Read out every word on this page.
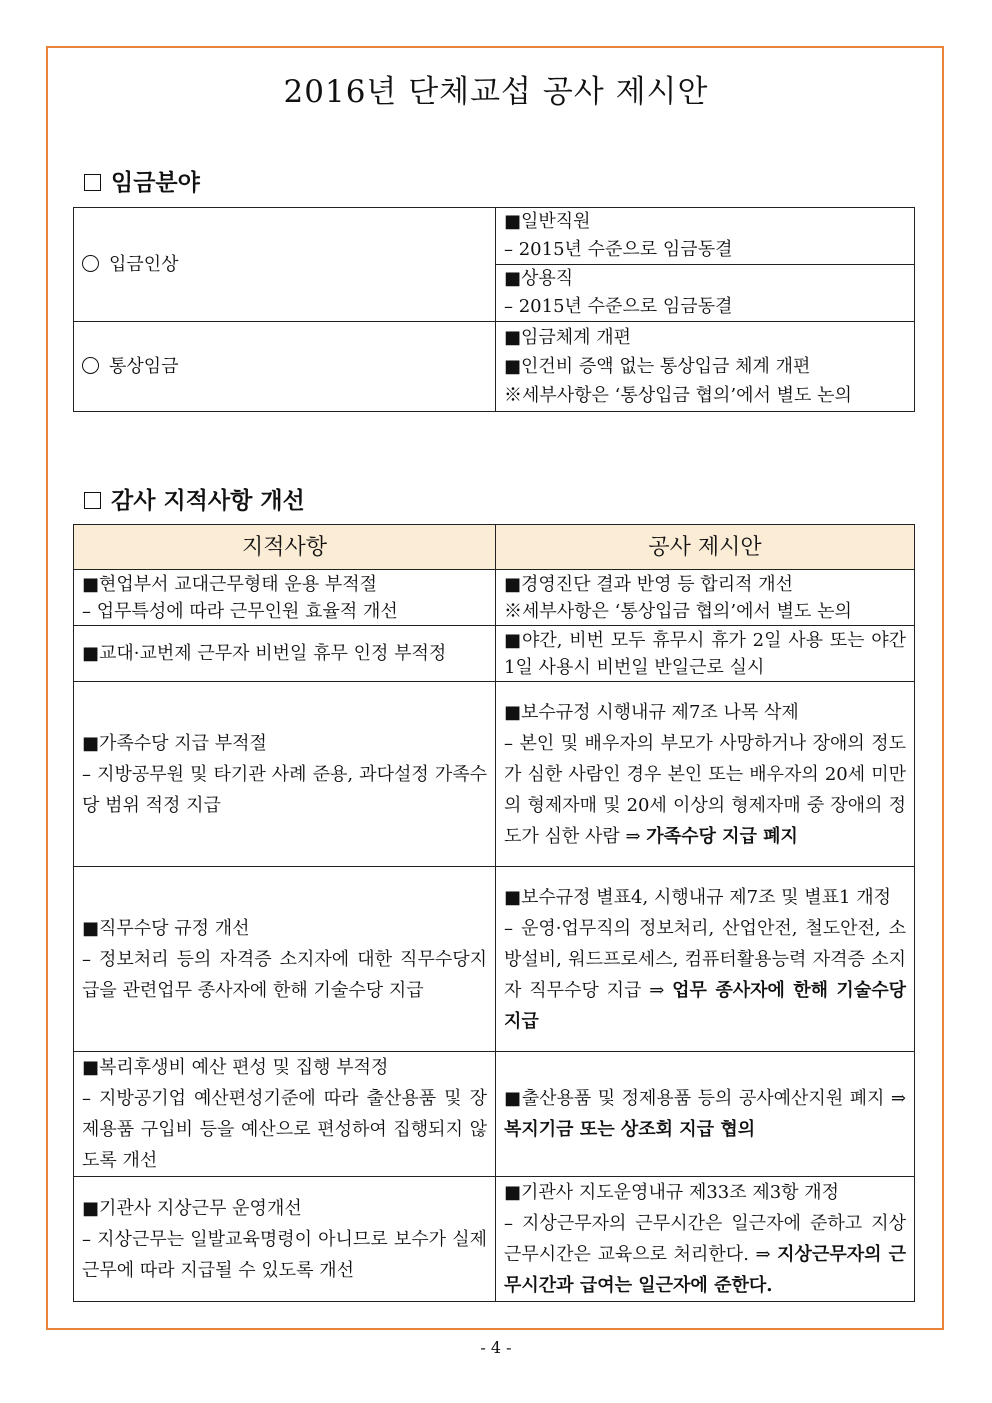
2016년 단체교섭 공사 제시안
임금분야
입금인상	■일반직원
– 2015년 수준으로 임금동결

	■상용직
– 2015년 수준으로 임금동결

통상임금	■임금체계 개편
■인건비 증액 없는 통상입금 체계 개편
※세부사항은 ‘통상입금 협의’에서 별도 논의
감사 지적사항 개선
지적사항	공사 제시안

■현업부서 교대근무형태 운용 부적절
– 업무특성에 따라 근무인원 효율적 개선	■경영진단 결과 반영 등 합리적 개선
※세부사항은 ‘통상입금 협의’에서 별도 논의

■교대·교번제 근무자 비번일 휴무 인정 부적정	■야간, 비번 모두 휴무시 휴가 2일 사용 또는 야간 1일 사용시 비번일 반일근로 실시

■가족수당 지급 부적절
– 지방공무원 및 타기관 사례 준용, 과다설정 가족수당 범위 적정 지급	■보수규정 시행내규 제7조 나목 삭제
– 본인 및 배우자의 부모가 사망하거나 장애의 정도가 심한 사람인 경우 본인 또는 배우자의 20세 미만의 형제자매 및 20세 이상의 형제자매 중 장애의 정도가 심한 사람 ⇒ 가족수당 지급 폐지

■직무수당 규정 개선
– 정보처리 등의 자격증 소지자에 대한 직무수당지급을 관련업무 종사자에 한해 기술수당 지급	■보수규정 별표4, 시행내규 제7조 및 별표1 개정
– 운영·업무직의 정보처리, 산업안전, 철도안전, 소방설비, 워드프로세스, 컴퓨터활용능력 자격증 소지자 직무수당 지급 ⇒ 업무 종사자에 한해 기술수당 지급

■복리후생비 예산 편성 및 집행 부적정
– 지방공기업 예산편성기준에 따라 출산용품 및 장제용품 구입비 등을 예산으로 편성하여 집행되지 않도록 개선	■출산용품 및 정제용품 등의 공사예산지원 폐지 ⇒ 복지기금 또는 상조회 지급 협의

■기관사 지상근무 운영개선
– 지상근무는 일발교육명령이 아니므로 보수가 실제근무에 따라 지급될 수 있도록 개선	■기관사 지도운영내규 제33조 제3항 개정
– 지상근무자의 근무시간은 일근자에 준하고 지상근무시간은 교육으로 처리한다. ⇒ 지상근무자의 근무시간과 급여는 일근자에 준한다.
- 4 -
